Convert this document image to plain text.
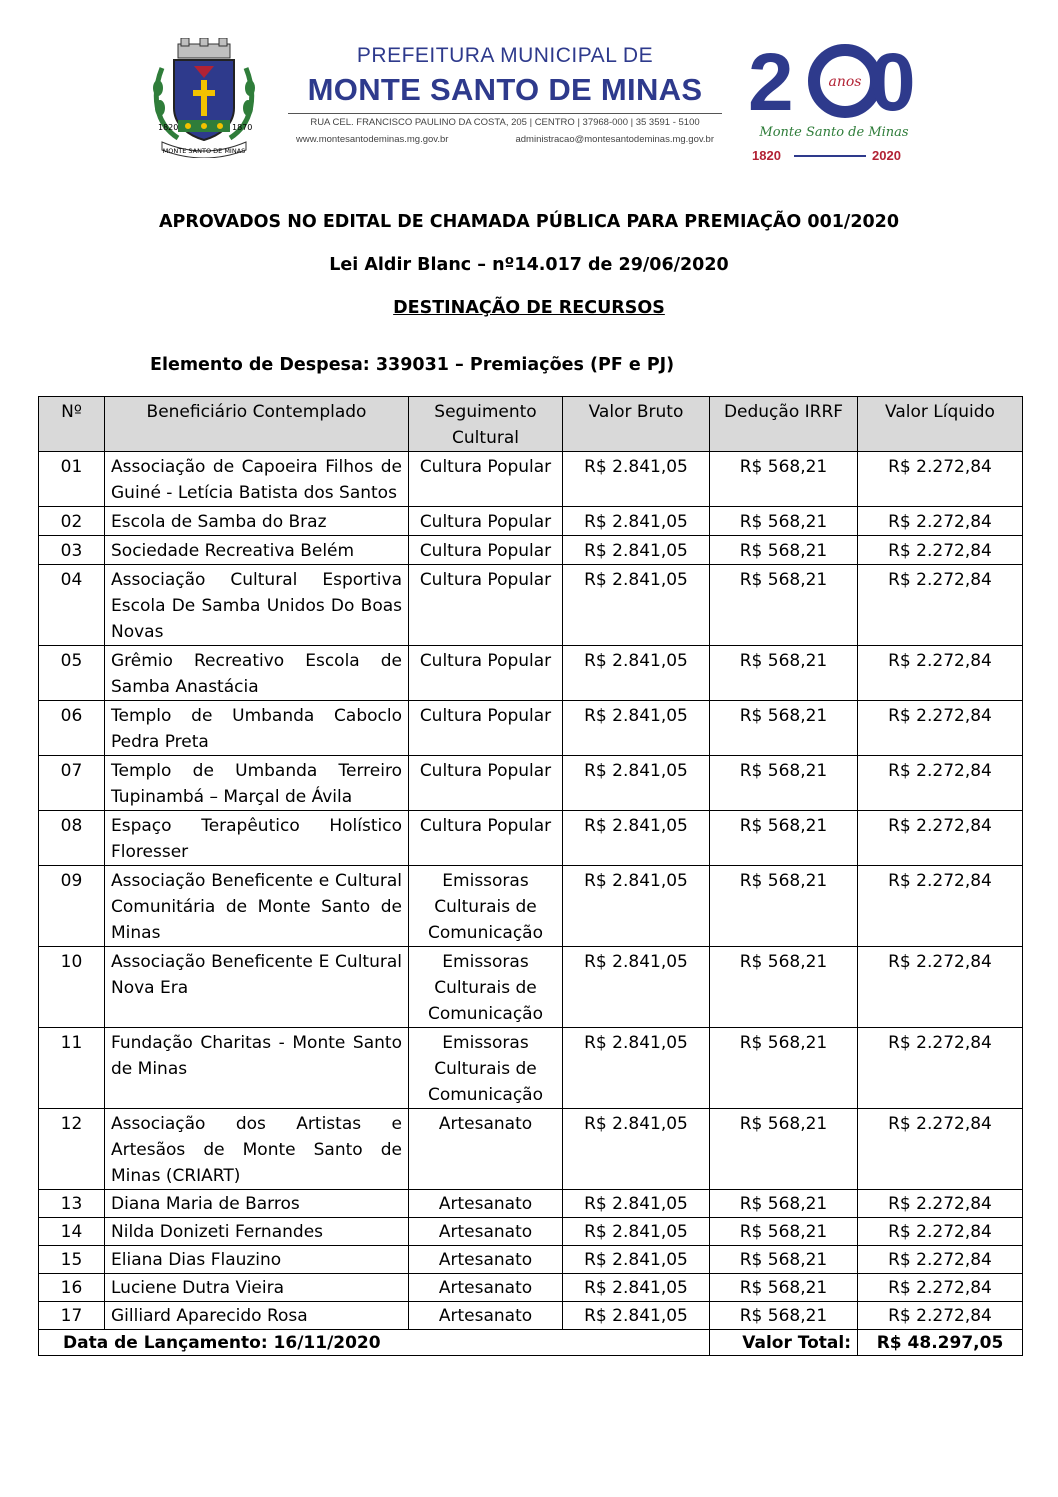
1820	1870
MONTE SANTO DE MINAS
PREFEITURA MUNICIPAL DE
MONTE SANTO DE MINAS
RUA CEL. FRANCISCO PAULINO DA COSTA, 205 | CENTRO | 37968-000 | 35 3591 - 5100
www.montesantodeminas.mg.gov.br	administracao@montesantodeminas.mg.gov.br
2 0
anos
Monte Santo de Minas
1820	2020
APROVADOS NO EDITAL DE CHAMADA PÚBLICA PARA PREMIAÇÃO 001/2020
Lei Aldir Blanc – nº14.017 de 29/06/2020
DESTINAÇÃO DE RECURSOS
Elemento de Despesa: 339031 – Premiações (PF e PJ)
Nº	Beneficiário Contemplado	Seguimento Cultural	Valor Bruto	Dedução IRRF	Valor Líquido
01	Associação de Capoeira Filhos de Guiné - Letícia Batista dos Santos	Cultura Popular	R$ 2.841,05	R$ 568,21	R$ 2.272,84
02	Escola de Samba do Braz	Cultura Popular	R$ 2.841,05	R$ 568,21	R$ 2.272,84
03	Sociedade Recreativa Belém	Cultura Popular	R$ 2.841,05	R$ 568,21	R$ 2.272,84
04	Associação Cultural Esportiva Escola De Samba Unidos Do Boas Novas	Cultura Popular	R$ 2.841,05	R$ 568,21	R$ 2.272,84
05	Grêmio Recreativo Escola de Samba Anastácia	Cultura Popular	R$ 2.841,05	R$ 568,21	R$ 2.272,84
06	Templo de Umbanda Caboclo Pedra Preta	Cultura Popular	R$ 2.841,05	R$ 568,21	R$ 2.272,84
07	Templo de Umbanda Terreiro Tupinambá – Marçal de Ávila	Cultura Popular	R$ 2.841,05	R$ 568,21	R$ 2.272,84
08	Espaço Terapêutico Holístico Floresser	Cultura Popular	R$ 2.841,05	R$ 568,21	R$ 2.272,84
09	Associação Beneficente e Cultural Comunitária de Monte Santo de Minas	Emissoras Culturais de Comunicação	R$ 2.841,05	R$ 568,21	R$ 2.272,84
10	Associação Beneficente E Cultural Nova Era	Emissoras Culturais de Comunicação	R$ 2.841,05	R$ 568,21	R$ 2.272,84
11	Fundação Charitas - Monte Santo de Minas	Emissoras Culturais de Comunicação	R$ 2.841,05	R$ 568,21	R$ 2.272,84
12	Associação dos Artistas e Artesãos de Monte Santo de Minas (CRIART)	Artesanato	R$ 2.841,05	R$ 568,21	R$ 2.272,84
13	Diana Maria de Barros	Artesanato	R$ 2.841,05	R$ 568,21	R$ 2.272,84
14	Nilda Donizeti Fernandes	Artesanato	R$ 2.841,05	R$ 568,21	R$ 2.272,84
15	Eliana Dias Flauzino	Artesanato	R$ 2.841,05	R$ 568,21	R$ 2.272,84
16	Luciene Dutra Vieira	Artesanato	R$ 2.841,05	R$ 568,21	R$ 2.272,84
17	Gilliard Aparecido Rosa	Artesanato	R$ 2.841,05	R$ 568,21	R$ 2.272,84
Data de Lançamento: 16/11/2020				Valor Total:	R$ 48.297,05
